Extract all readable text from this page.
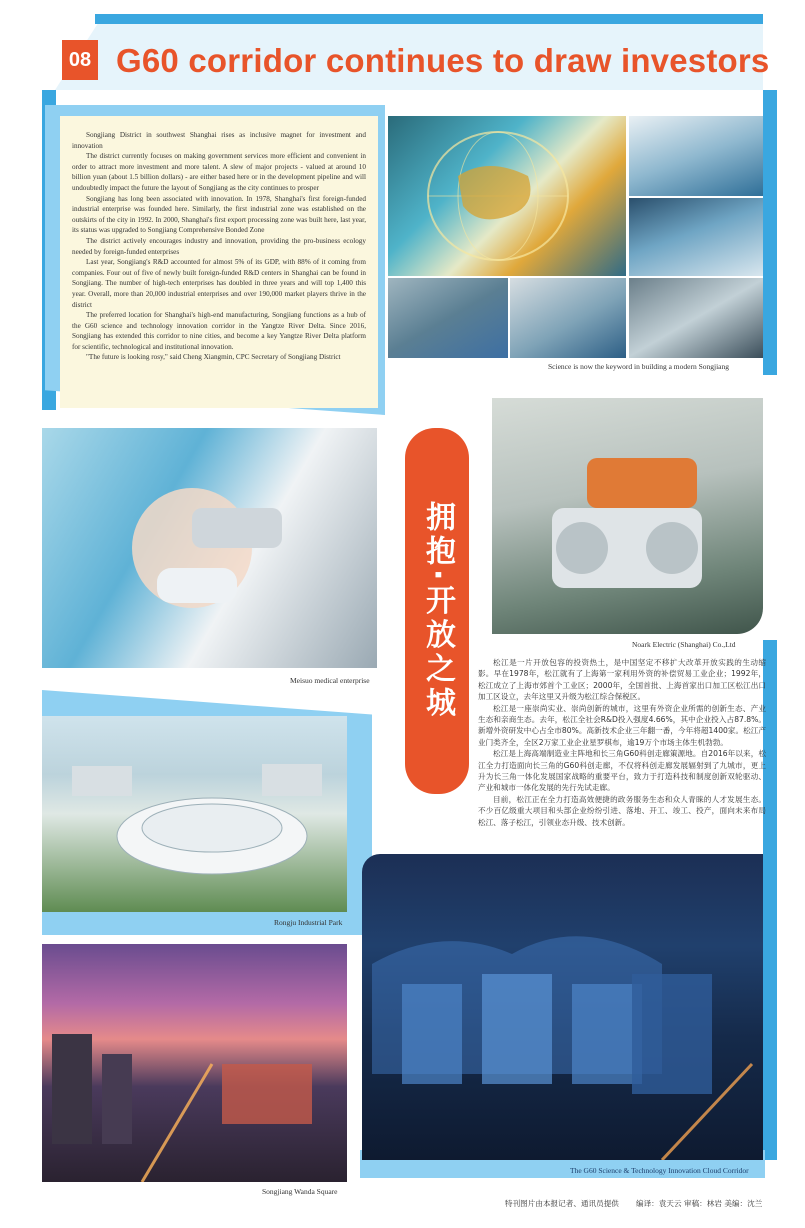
08 G60 corridor continues to draw investors

Songjiang District in southwest Shanghai rises as inclusive magnet for investment and innovation

The district currently focuses on making government services more efficient and convenient in order to attract more investment and more talent. A slew of major projects - valued at around 10 billion yuan (about 1.5 billion dollars) - are either based here or in the development pipeline and will undoubtedly impact the future the layout of Songjiang as the city continues to prosper

Songjiang has long been associated with innovation. In 1978, Shanghai's first foreign-funded industrial enterprise was founded here. Similarly, the first industrial zone was established on the outskirts of the city in 1992. In 2000, Shanghai's first export processing zone was built here, last year, its status was upgraded to Songjiang Comprehensive Bonded Zone

The district actively encourages industry and innovation, providing the pro-business ecology needed by foreign-funded enterprises

Last year, Songjiang's R&D accounted for almost 5% of its GDP, with 88% of it coming from companies. Four out of five of newly built foreign-funded R&D centers in Shanghai can be found in Songjiang. The number of high-tech enterprises has doubled in three years and will top 1,400 this year. Overall, more than 20,000 industrial enterprises and over 190,000 market players thrive in the district

The preferred location for Shanghai's high-end manufacturing, Songjiang functions as a hub of the G60 science and technology innovation corridor in the Yangtze River Delta. Since 2016, Songjiang has extended this corridor to nine cities, and become a key Yangtze River Delta platform for scientific, technological and institutional innovation.

"The future is looking rosy," said Cheng Xiangmin, CPC Secretary of Songjiang District

Science is now the keyword in building a modern Songjiang
Meisuo medical enterprise
Noark Electric (Shanghai) Co.,Ltd
拥抱·开放之城	松江是一片开放包容的投资热土，是中国坚定不移扩大改革开放实践的生动缩影。早在1978年，松江就有了上海第一家利用外资的补偿贸易工业企业；1992年，松江成立了上海市郊首个工业区；2000年，全国首批、上海首家出口加工区松江出口加工区设立，去年这里又升级为松江综合保税区。

松江是一座崇尚实业、崇尚创新的城市，这里有外资企业所需的创新生态、产业生态和亲商生态。去年，松江全社会R&D投入强度4.66%，其中企业投入占87.8%。新增外资研发中心占全市80%。高新技术企业三年翻一番，今年将超1400家。松江产业门类齐全，全区2万家工业企业星罗棋布，逾19万个市场主体生机勃勃。

松江是上海高端制造业主阵地和长三角G60科创走廊策源地。自2016年以来，松江全力打造面向长三角的G60科创走廊，不仅将科创走廊发展辐射到了九城市，更上升为长三角一体化发展国家战略的重要平台，致力于打造科技和制度创新双轮驱动、产业和城市一体化发展的先行先试走廊。

目前，松江正在全力打造高效便捷的政务服务生态和众人青睐的人才发展生态。不少百亿级重大项目和头部企业纷纷引进、落地、开工、竣工、投产，面向未来布局松江、落子松江，引领业态升级、技术创新。

Rongju Industrial Park
Songjiang Wanda Square
The G60 Science & Technology Innovation Cloud Corridor
特刊图片由本报记者、通讯员提供 编译：袁天云 审稿：林岩 美编：沈兰
